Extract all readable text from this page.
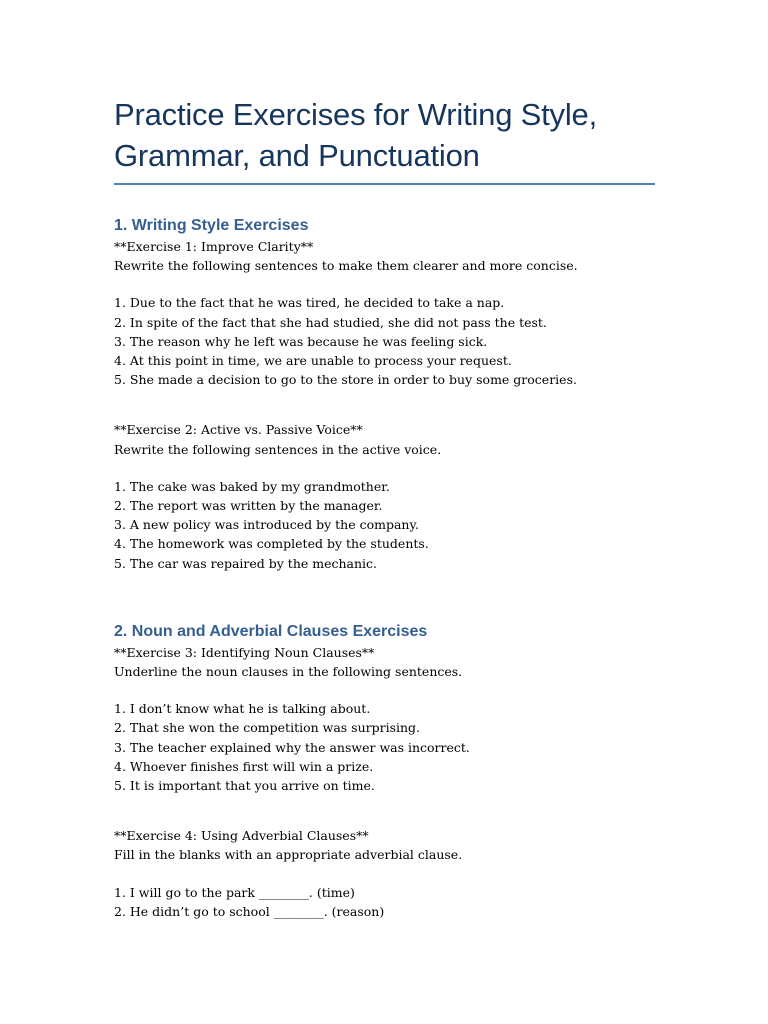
Practice Exercises for Writing Style,
Grammar, and Punctuation
1. Writing Style Exercises

**Exercise 1: Improve Clarity**

Rewrite the following sentences to make them clearer and more concise.

1. Due to the fact that he was tired, he decided to take a nap.
2. In spite of the fact that she had studied, she did not pass the test.
3. The reason why he left was because he was feeling sick.
4. At this point in time, we are unable to process your request.
5. She made a decision to go to the store in order to buy some groceries.

**Exercise 2: Active vs. Passive Voice**

Rewrite the following sentences in the active voice.

1. The cake was baked by my grandmother.
2. The report was written by the manager.
3. A new policy was introduced by the company.
4. The homework was completed by the students.
5. The car was repaired by the mechanic.
2. Noun and Adverbial Clauses Exercises

**Exercise 3: Identifying Noun Clauses**

Underline the noun clauses in the following sentences.

1. I don’t know what he is talking about.
2. That she won the competition was surprising.
3. The teacher explained why the answer was incorrect.
4. Whoever finishes first will win a prize.
5. It is important that you arrive on time.

**Exercise 4: Using Adverbial Clauses**

Fill in the blanks with an appropriate adverbial clause.

1. I will go to the park ________. (time)
2. He didn’t go to school ________. (reason)
